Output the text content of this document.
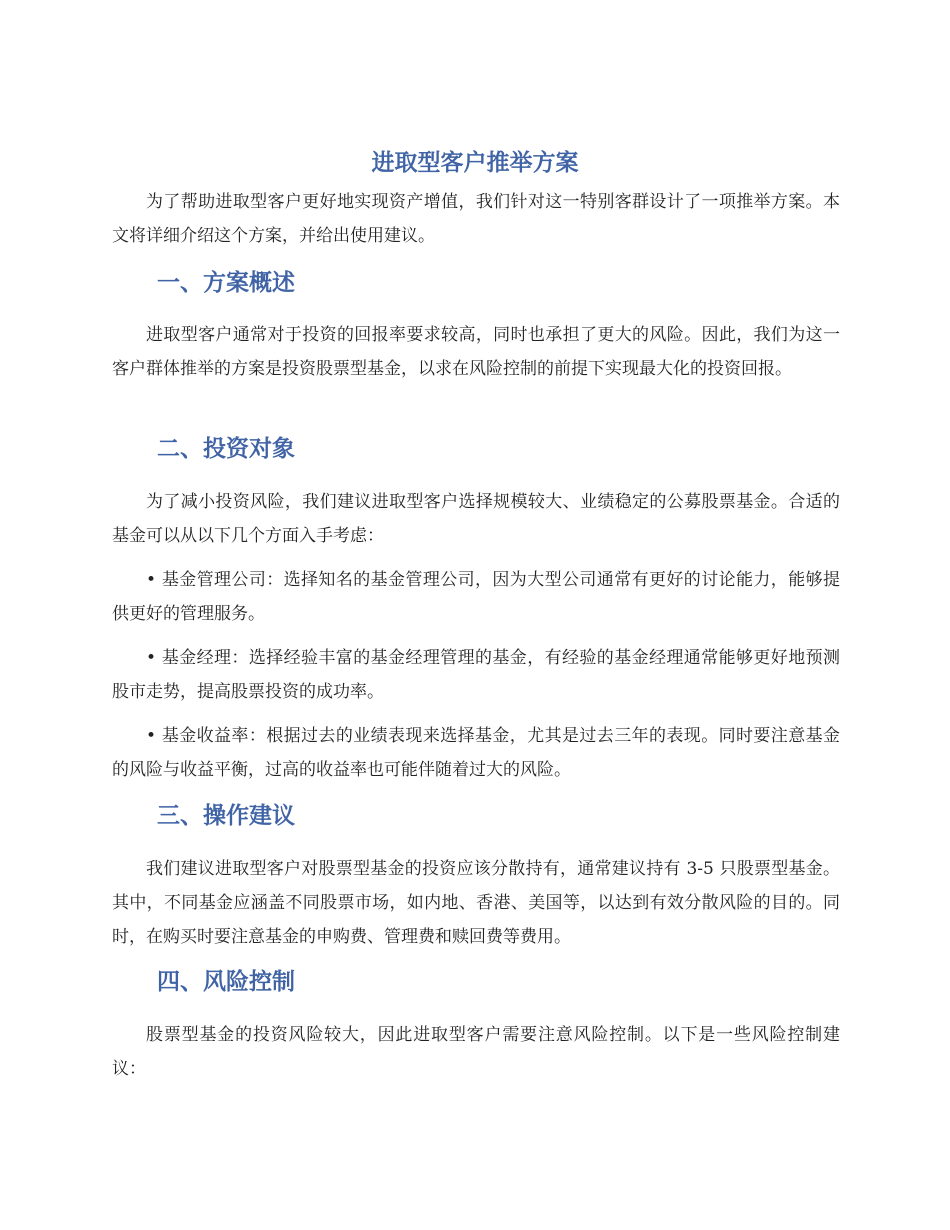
进取型客户推举方案

为了帮助进取型客户更好地实现资产增值，我们针对这一特别客群设计了一项推举方案。本文将详细介绍这个方案，并给出使用建议。

一、方案概述

进取型客户通常对于投资的回报率要求较高，同时也承担了更大的风险。因此，我们为这一客户群体推举的方案是投资股票型基金，以求在风险控制的前提下实现最大化的投资回报。

二、投资对象

为了减小投资风险，我们建议进取型客户选择规模较大、业绩稳定的公募股票基金。合适的基金可以从以下几个方面入手考虑：

• 基金管理公司：选择知名的基金管理公司，因为大型公司通常有更好的讨论能力，能够提供更好的管理服务。

• 基金经理：选择经验丰富的基金经理管理的基金，有经验的基金经理通常能够更好地预测股市走势，提高股票投资的成功率。

• 基金收益率：根据过去的业绩表现来选择基金，尤其是过去三年的表现。同时要注意基金的风险与收益平衡，过高的收益率也可能伴随着过大的风险。

三、操作建议

我们建议进取型客户对股票型基金的投资应该分散持有，通常建议持有 3-5 只股票型基金。其中，不同基金应涵盖不同股票市场，如内地、香港、美国等，以达到有效分散风险的目的。同时，在购买时要注意基金的申购费、管理费和赎回费等费用。

四、风险控制

股票型基金的投资风险较大，因此进取型客户需要注意风险控制。以下是一些风险控制建议：
